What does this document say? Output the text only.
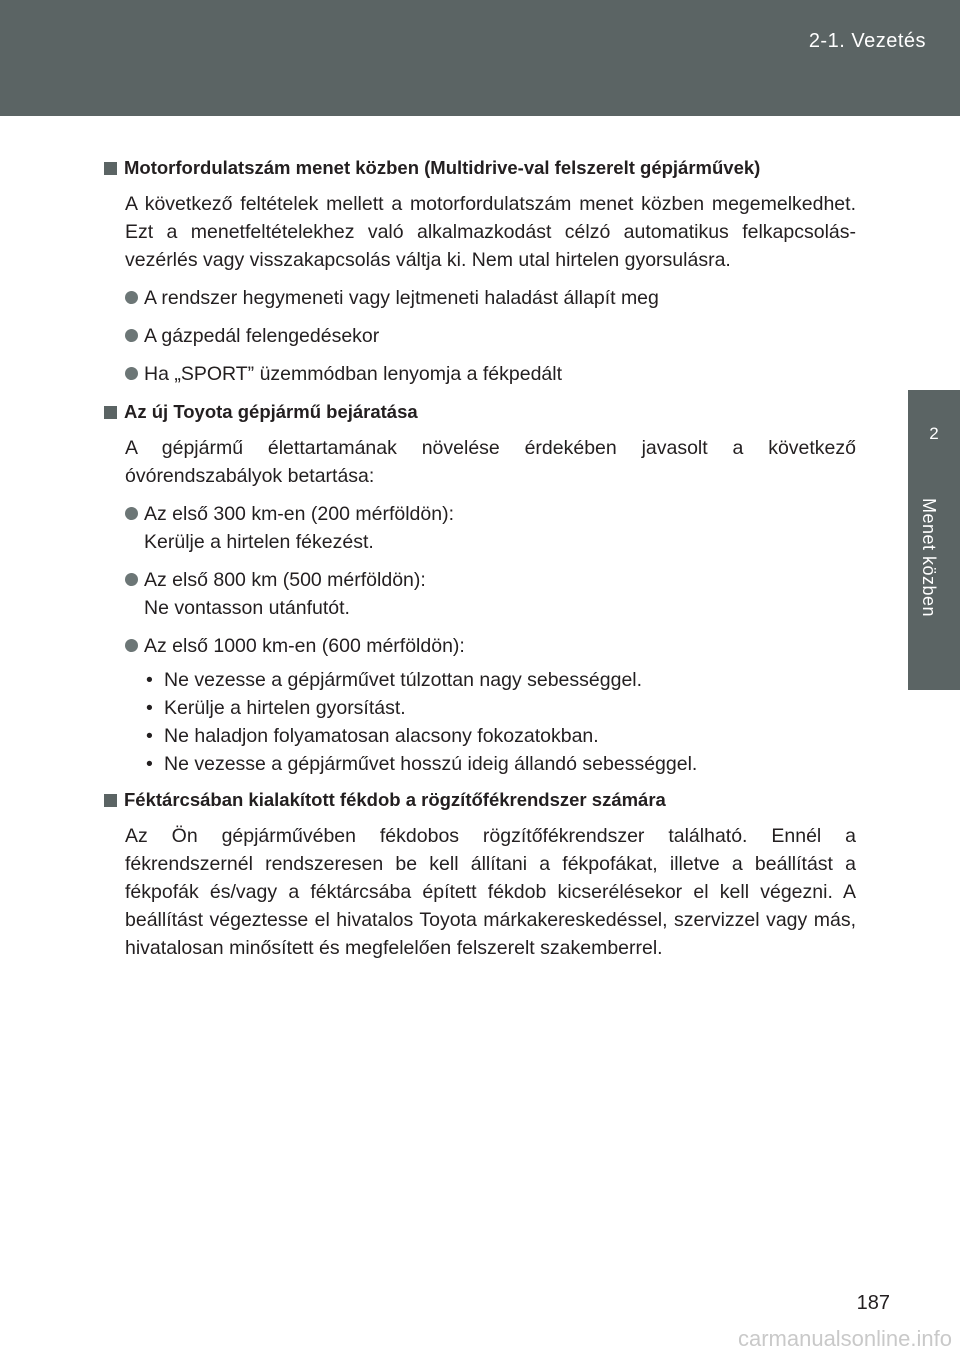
2-1. Vezetés
2
Menet közben
Motorfordulatszám menet közben (Multidrive-val felszerelt gépjárművek)

A következő feltételek mellett a motorfordulatszám menet közben megemelkedhet. Ezt a menetfeltételekhez való alkalmazkodást célzó automatikus felkapcsolás-vezérlés vagy visszakapcsolás váltja ki. Nem utal hirtelen gyorsulásra.

A rendszer hegymeneti vagy lejtmeneti haladást állapít meg
A gázpedál felengedésekor
Ha „SPORT” üzemmódban lenyomja a fékpedált
Az új Toyota gépjármű bejáratása

A gépjármű élettartamának növelése érdekében javasolt a következő óvórendszabályok betartása:

Az első 300 km-en (200 mérföldön):
Kerülje a hirtelen fékezést.
Az első 800 km (500 mérföldön):
Ne vontasson utánfutót.
Az első 1000 km-en (600 mérföldön):
• Ne vezesse a gépjárművet túlzottan nagy sebességgel.
• Kerülje a hirtelen gyorsítást.
• Ne haladjon folyamatosan alacsony fokozatokban.
• Ne vezesse a gépjárművet hosszú ideig állandó sebességgel.
Féktárcsában kialakított fékdob a rögzítőfékrendszer számára

Az Ön gépjárművében fékdobos rögzítőfékrendszer található. Ennél a fékrendszernél rendszeresen be kell állítani a fékpofákat, illetve a beállítást a fékpofák és/vagy a féktárcsába épített fékdob kicserélésekor el kell végezni. A beállítást végeztesse el hivatalos Toyota márkakereskedéssel, szervizzel vagy más, hivatalosan minősített és megfelelően felszerelt szakemberrel.

187
carmanualsonline.info
